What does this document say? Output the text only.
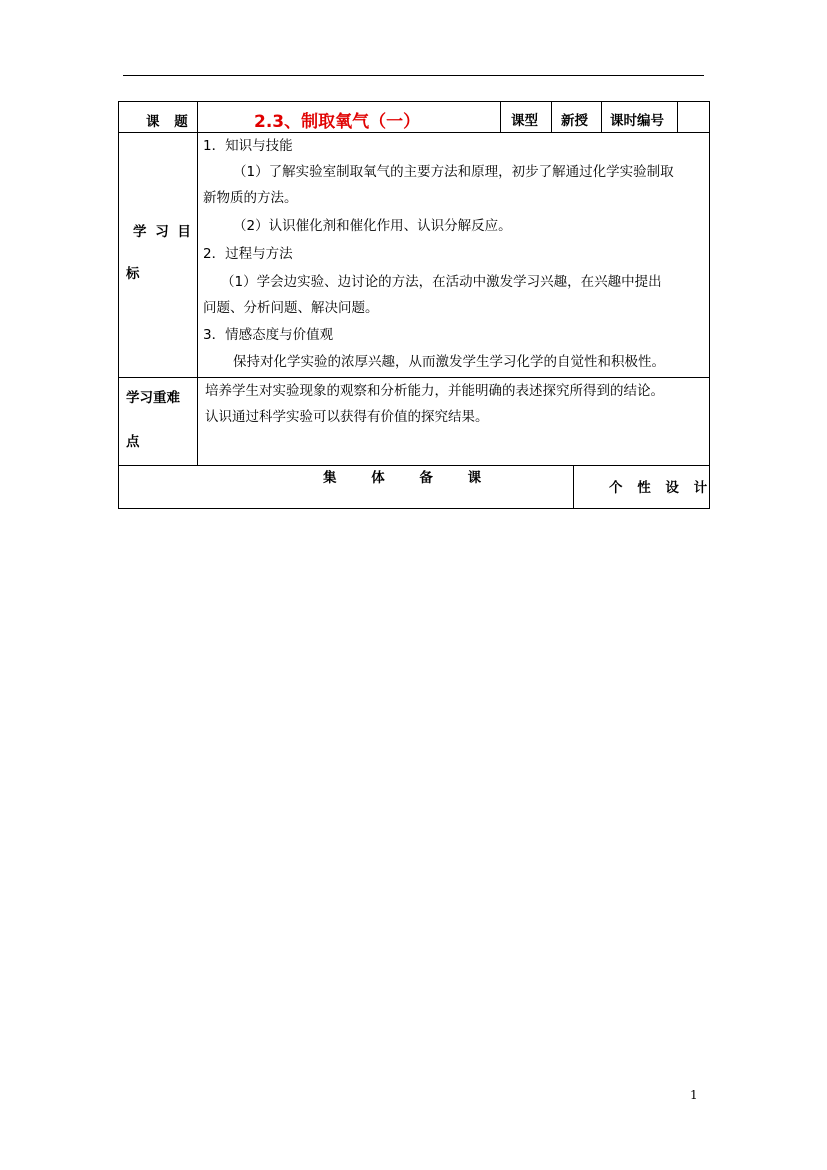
课 题	2.3、制取氧气（一）	课型 新授 课时编号
学 习 目
标
1．知识与技能
（1）了解实验室制取氧气的主要方法和原理，初步了解通过化学实验制取
新物质的方法。
（2）认识催化剂和催化作用、认识分解反应。
2．过程与方法
（1）学会边实验、边讨论的方法，在活动中激发学习兴趣，在兴趣中提出
问题、分析问题、解决问题。
3．情感态度与价值观
保持对化学实验的浓厚兴趣，从而激发学生学习化学的自觉性和积极性。
学习重难
点
培养学生对实验现象的观察和分析能力，并能明确的表述探究所得到的结论。
认识通过科学实验可以获得有价值的探究结果。
集 体 备 课
个 性 设 计
1
